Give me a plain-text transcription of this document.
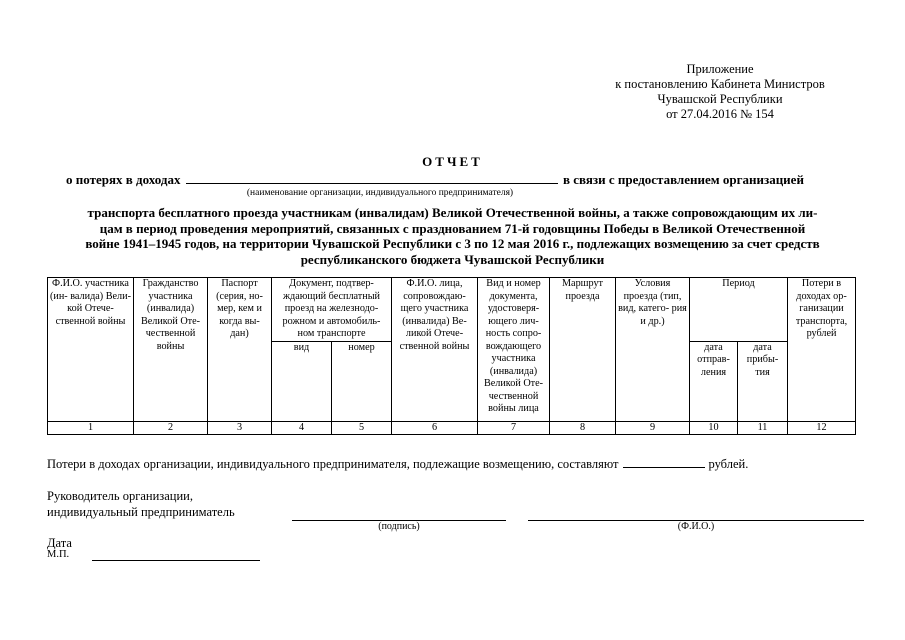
Приложение
к постановлению Кабинета Министров
Чувашской Республики
от 27.04.2016 № 154
ОТЧЕТ
о потерях в доходах	в связи с предоставлением организацией
(наименование организации, индивидуального предпринимателя)
транспорта бесплатного проезда участникам (инвалидам) Великой Отечественной войны, а также сопровождающим их ли-
цам в период проведения мероприятий, связанных с празднованием 71-й годовщины Победы в Великой Отечественной
войне 1941–1945 годов, на территории Чувашской Республики с 3 по 12 мая 2016 г., подлежащих возмещению за счет средств
республиканского бюджета Чувашской Республики
Ф.И.О. участника (ин- валида) Вели- кой Отече- ственной войны	Гражданство участника (инвалида) Великой Оте- чественной войны	Паспорт (серия, но- мер, кем и когда вы- дан)	Документ, подтвер- ждающий бесплатный проезд на железнодо- рожном и автомобиль- ном транспорте		Ф.И.О. лица, сопровождаю- щего участника (инвалида) Ве- ликой Отече- ственной войны	Вид и номер документа, удостоверя- ющего лич- ность сопро- вождающего участника (инвалида) Великой Оте- чественной войны лица	Маршрут проезда	Условия проезда (тип, вид, катего- рия и др.)	Период		Потери в доходах ор- ганизации транспорта, рублей
			вид	номер					дата отправ- ления	дата прибы- тия	
1	2	3	4	5	6	7	8	9	10	11	12
Потери в доходах организации, индивидуального предпринимателя, подлежащие возмещению, составляют	рублей.
Руководитель организации,
индивидуальный предприниматель
(подпись)	(Ф.И.О.)
Дата
М.П.
